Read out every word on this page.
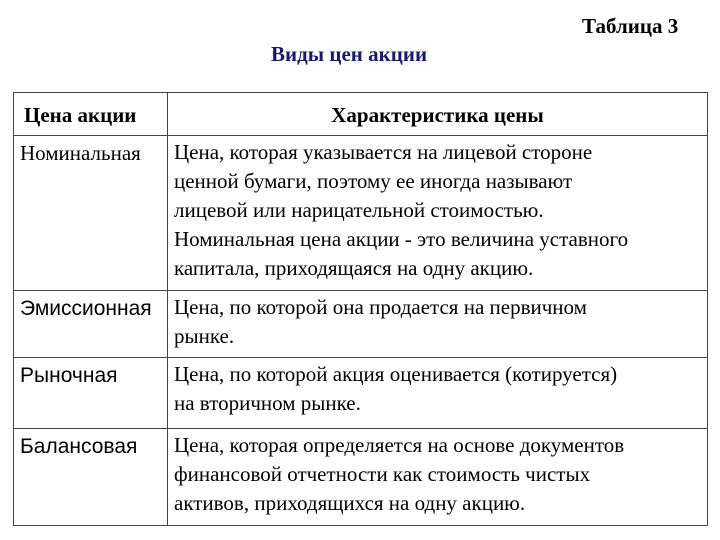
Таблица 3
Виды цен акции
Цена акции	Характеристика цены
Номинальная	Цена, которая указывается на лицевой стороне
ценной бумаги, поэтому ее иногда называют
лицевой или нарицательной стоимостью.
Номинальная цена акции - это величина уставного
капитала, приходящаяся на одну акцию.

Эмиссионная	Цена, по которой она продается на первичном
рынке.

Рыночная	Цена, по которой акция оценивается (котируется)
на вторичном рынке.

Балансовая	Цена, которая определяется на основе документов
финансовой отчетности как стоимость чистых
активов, приходящихся на одну акцию.
